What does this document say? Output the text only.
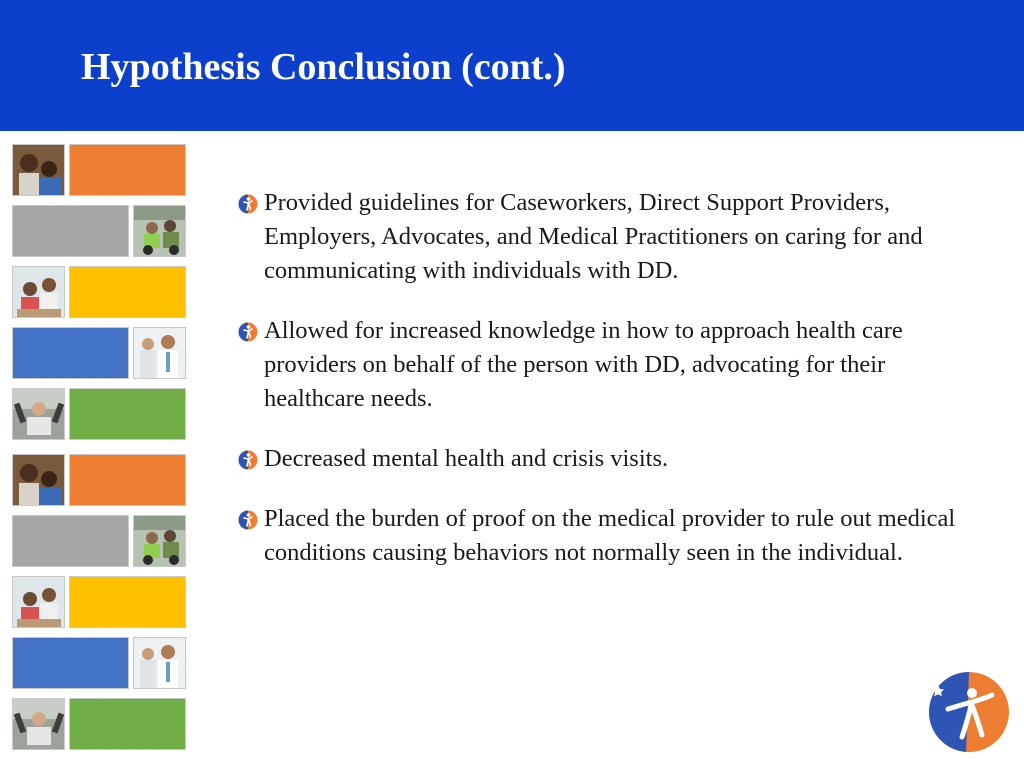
Hypothesis Conclusion (cont.)
Provided guidelines for Caseworkers, Direct Support Providers, Employers, Advocates, and Medical Practitioners on caring for and communicating with individuals with DD.
Allowed for increased knowledge in how to approach health care providers on behalf of the person with DD, advocating for their healthcare needs.
Decreased mental health and crisis visits.
Placed the burden of proof on the medical provider to rule out medical conditions causing behaviors not normally seen in the individual.
